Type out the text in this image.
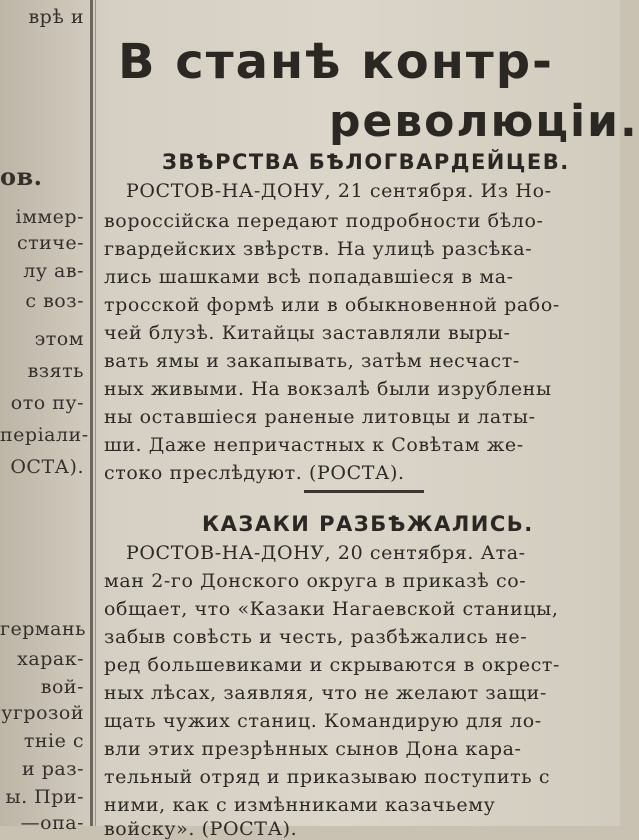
врѣ и
ов.
іммер-
стиче-
лу ав-
с воз-
этом
взять
ото пу-
періали-
ОСТА).
германь
харак-
вой-
угрозой
тніе с
и раз-
ы. При-
—опа-
В станѣ контр-
революціи.
ЗВѢРСТВА БѢЛОГВАРДЕЙЦЕВ.
РОСТОВ-НА-ДОНУ, 21 сентября. Из Но-
вороссійска передают подробности бѣло-
гвардейских звѣрств. На улицѣ разсѣка-
лись шашками всѣ попадавшіеся в ма-
тросской формѣ или в обыкновенной рабо-
чей блузѣ. Китайцы заставляли выры-
вать ямы и закапывать, затѣм несчаст-
ных живыми. На вокзалѣ были изрублены
ны оставшіеся раненые литовцы и латы-
ши. Даже непричастных к Совѣтам же-
стоко преслѣдуют. (РОСТА).
КАЗАКИ РАЗБѢЖАЛИСЬ.
РОСТОВ-НА-ДОНУ, 20 сентября. Ата-
ман 2-го Донского округа в приказѣ со-
общает, что «Казаки Нагаевской станицы,
забыв совѣсть и честь, разбѣжались не-
ред большевиками и скрываются в окрест-
ных лѣсах, заявляя, что не желают защи-
щать чужих станиц. Командирую для ло-
вли этих презрѣнных сынов Дона кара-
тельный отряд и приказываю поступить с
ними, как с измѣнниками казачьему
войску». (РОСТА).
